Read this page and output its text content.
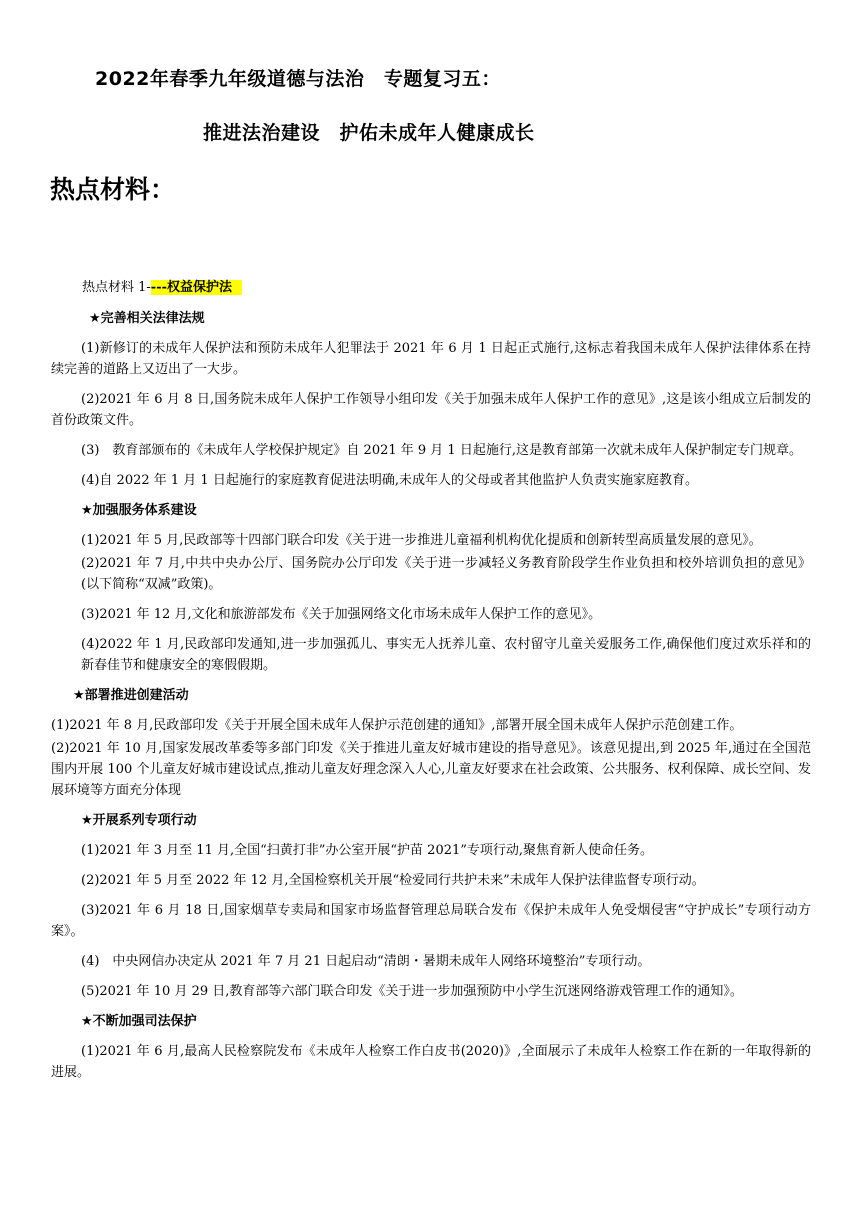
2022年春季九年级道德与法治　专题复习五：
推进法治建设　护佑未成年人健康成长
热点材料：
热点材料 1----权益保护法
★完善相关法律法规

(1)新修订的未成年人保护法和预防未成年人犯罪法于 2021 年 6 月 1 日起正式施行,这标志着我国未成年人保护法律体系在持续完善的道路上又迈出了一大步。

(2)2021 年 6 月 8 日,国务院未成年人保护工作领导小组印发《关于加强未成年人保护工作的意见》,这是该小组成立后制发的首份政策文件。

(3)　教育部颁布的《未成年人学校保护规定》自 2021 年 9 月 1 日起施行,这是教育部第一次就未成年人保护制定专门规章。

(4)自 2022 年 1 月 1 日起施行的家庭教育促进法明确,未成年人的父母或者其他监护人负责实施家庭教育。

★加强服务体系建设

(1)2021 年 5 月,民政部等十四部门联合印发《关于进一步推进儿童福利机构优化提质和创新转型高质量发展的意见》。

(2)2021 年 7 月,中共中央办公厅、国务院办公厅印发《关于进一步减轻义务教育阶段学生作业负担和校外培训负担的意见》(以下简称“双减”政策)。

(3)2021 年 12 月,文化和旅游部发布《关于加强网络文化市场未成年人保护工作的意见》。

(4)2022 年 1 月,民政部印发通知,进一步加强孤儿、事实无人抚养儿童、农村留守儿童关爱服务工作,确保他们度过欢乐祥和的新春佳节和健康安全的寒假假期。

★部署推进创建活动

(1)2021 年 8 月,民政部印发《关于开展全国未成年人保护示范创建的通知》,部署开展全国未成年人保护示范创建工作。

(2)2021 年 10 月,国家发展改革委等多部门印发《关于推进儿童友好城市建设的指导意见》。该意见提出,到 2025 年,通过在全国范围内开展 100 个儿童友好城市建设试点,推动儿童友好理念深入人心,儿童友好要求在社会政策、公共服务、权利保障、成长空间、发展环境等方面充分体现

★开展系列专项行动

(1)2021 年 3 月至 11 月,全国“扫黄打非”办公室开展“护苗 2021”专项行动,聚焦育新人使命任务。

(2)2021 年 5 月至 2022 年 12 月,全国检察机关开展“检爱同行共护未来”未成年人保护法律监督专项行动。

(3)2021 年 6 月 18 日,国家烟草专卖局和国家市场监督管理总局联合发布《保护未成年人免受烟侵害“守护成长”专项行动方案》。

(4)　中央网信办决定从 2021 年 7 月 21 日起启动“清朗・暑期未成年人网络环境整治”专项行动。

(5)2021 年 10 月 29 日,教育部等六部门联合印发《关于进一步加强预防中小学生沉迷网络游戏管理工作的通知》。

★不断加强司法保护

(1)2021 年 6 月,最高人民检察院发布《未成年人检察工作白皮书(2020)》,全面展示了未成年人检察工作在新的一年取得新的进展。
